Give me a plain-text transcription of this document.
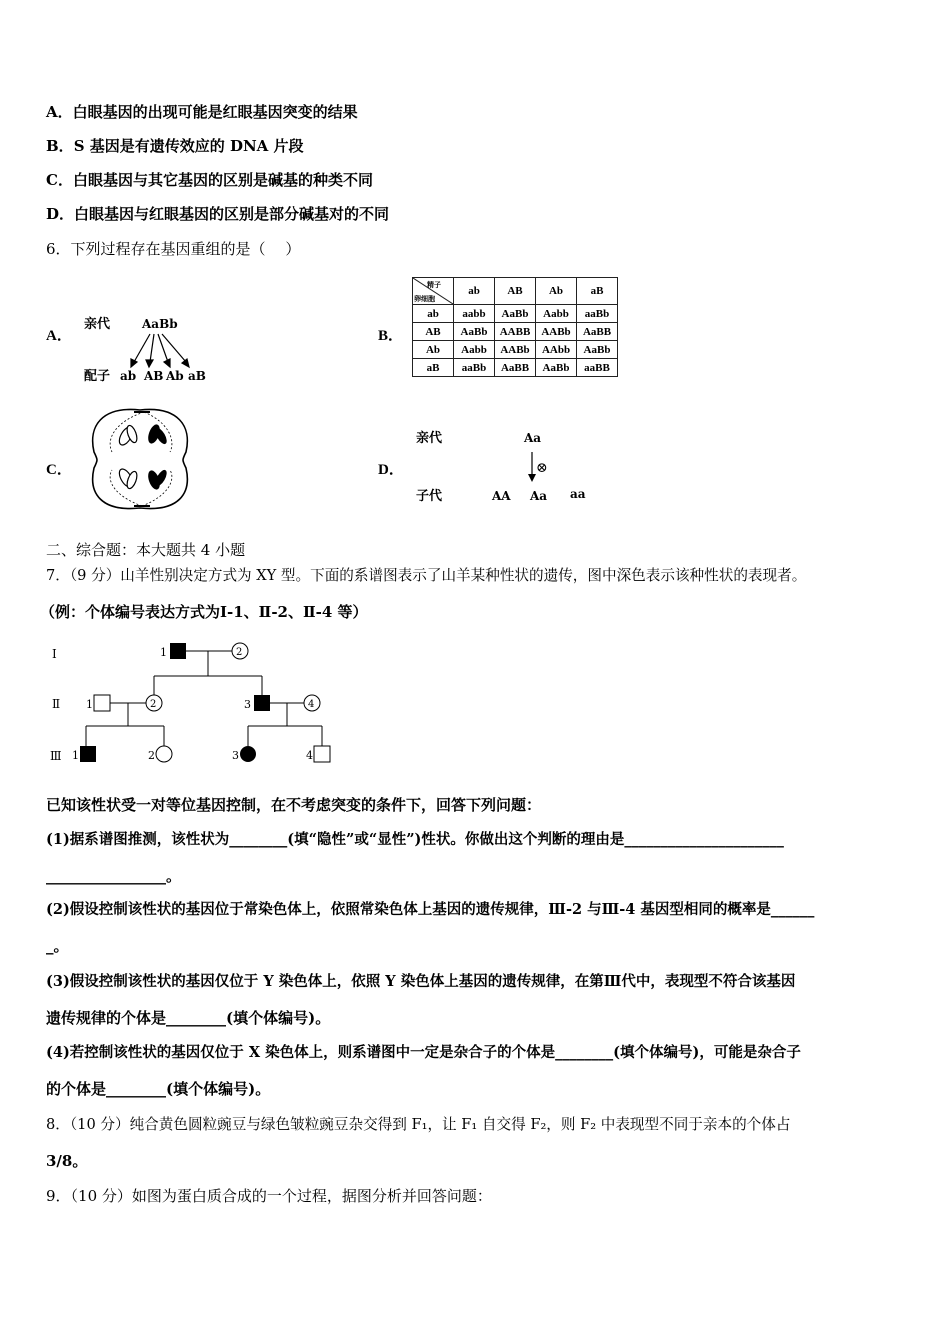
A．白眼基因的出现可能是红眼基因突变的结果
B．S 基因是有遗传效应的 DNA 片段
C．白眼基因与其它基因的区别是碱基的种类不同
D．白眼基因与红眼基因的区别是部分碱基对的不同
6．下列过程存在基因重组的是（　 ）
A．
亲代	AaBb
配子 ab AB Ab aB
B．
精子
卵细胞	ab	AB	Ab	aB
ab	aabb	AaBb	Aabb	aaBb
AB	AaBb	AABB	AABb	AaBB
Ab	Aabb	AABb	AAbb	AaBb
aB	aaBb	AaBB	AaBb	aaBB
C．	D．
亲代	Aa
⊗
子代	AA Aa aa
二、综合题：本大题共 4 小题
7．（9 分）山羊性别决定方式为 XY 型。下面的系谱图表示了山羊某种性状的遗传，图中深色表示该种性状的表现者。
（例：个体编号表达方式为Ⅰ-1、Ⅱ-2、Ⅱ-4 等）
Ⅰ
Ⅱ
Ⅲ
1	2
1	2	3	4
1	2	3	4
已知该性状受一对等位基因控制，在不考虑突变的条件下，回答下列问题：
(1)据系谱图推测，该性状为________(填“隐性”或“显性”)性状。你做出这个判断的理由是______________________
________________。
(2)假设控制该性状的基因位于常染色体上，依照常染色体上基因的遗传规律，Ⅲ-2 与Ⅲ-4 基因型相同的概率是______
_。
(3)假设控制该性状的基因仅位于 Y 染色体上，依照 Y 染色体上基因的遗传规律，在第Ⅲ代中，表现型不符合该基因
遗传规律的个体是________(填个体编号)。
(4)若控制该性状的基因仅位于 X 染色体上，则系谱图中一定是杂合子的个体是________(填个体编号)，可能是杂合子
的个体是________(填个体编号)。
8．（10 分）纯合黄色圆粒豌豆与绿色皱粒豌豆杂交得到 F₁，让 F₁ 自交得 F₂，则 F₂ 中表现型不同于亲本的个体占
3/8。
9．（10 分）如图为蛋白质合成的一个过程，据图分析并回答问题：
